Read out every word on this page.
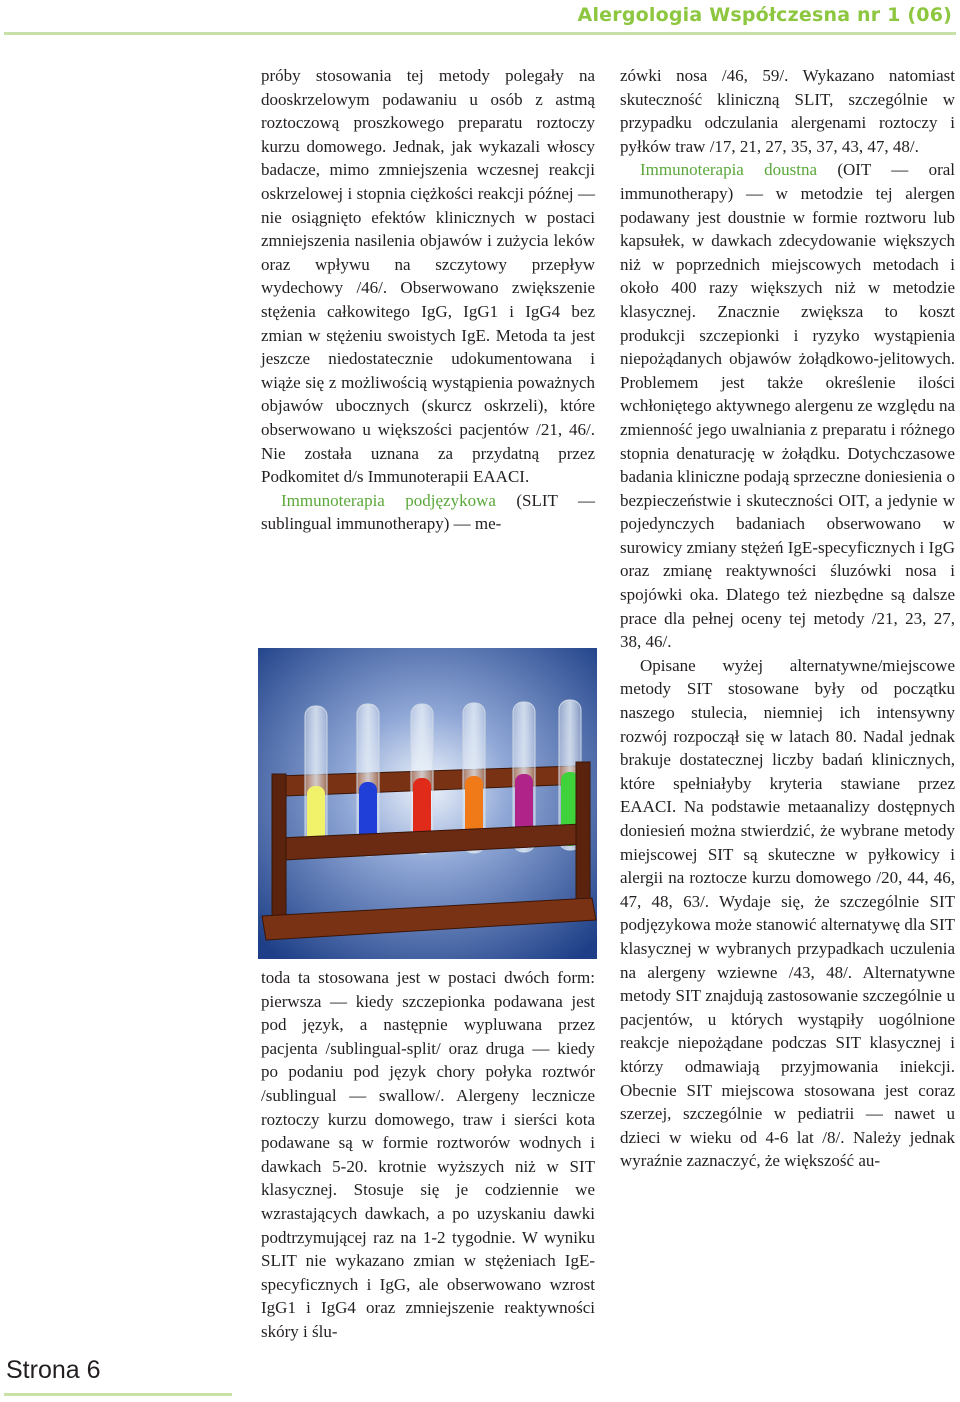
Alergologia Współczesna nr 1 (06)

próby stosowania tej metody polegały na dooskrzelowym podawaniu u osób z astmą roztoczową proszkowego preparatu roztoczy kurzu domowego. Jednak, jak wykazali włoscy badacze, mimo zmniejszenia wczesnej reakcji oskrzelowej i stopnia ciężkości reakcji późnej — nie osiągnięto efektów klinicznych w postaci zmniejszenia nasilenia objawów i zużycia leków oraz wpływu na szczytowy przepływ wydechowy /46/. Obserwowano zwiększenie stężenia całkowitego IgG, IgG1 i IgG4 bez zmian w stężeniu swoistych IgE. Metoda ta jest jeszcze niedostatecznie udokumentowana i wiąże się z możliwością wystąpienia poważnych objawów ubocznych (skurcz oskrzeli), które obserwowano u większości pacjentów /21, 46/. Nie została uznana za przydatną przez Podkomitet d/s Immunoterapii EAACI.

Immunoterapia podjęzykowa (SLIT — sublingual immunotherapy) — me-

toda ta stosowana jest w postaci dwóch form: pierwsza — kiedy szczepionka podawana jest pod język, a następnie wypluwana przez pacjenta /sublingual-split/ oraz druga — kiedy po podaniu pod język chory połyka roztwór /sublingual — swallow/. Alergeny lecznicze roztoczy kurzu domowego, traw i sierści kota podawane są w formie roztworów wodnych i dawkach 5-20. krotnie wyższych niż w SIT klasycznej. Stosuje się je codziennie we wzrastających dawkach, a po uzyskaniu dawki podtrzymującej raz na 1-2 tygodnie. W wyniku SLIT nie wykazano zmian w stężeniach IgE-specyficznych i IgG, ale obserwowano wzrost IgG1 i IgG4 oraz zmniejszenie reaktywności skóry i ślu-

zówki nosa /46, 59/. Wykazano natomiast skuteczność kliniczną SLIT, szczególnie w przypadku odczulania alergenami roztoczy i pyłków traw /17, 21, 27, 35, 37, 43, 47, 48/.

Immunoterapia doustna (OIT — oral immunotherapy) — w metodzie tej alergen podawany jest doustnie w formie roztworu lub kapsułek, w dawkach zdecydowanie większych niż w poprzednich miejscowych metodach i około 400 razy większych niż w metodzie klasycznej. Znacznie zwiększa to koszt produkcji szczepionki i ryzyko wystąpienia niepożądanych objawów żołądkowo-jelitowych. Problemem jest także określenie ilości wchłoniętego aktywnego alergenu ze względu na zmienność jego uwalniania z preparatu i różnego stopnia denaturację w żołądku. Dotychczasowe badania kliniczne podają sprzeczne doniesienia o bezpieczeństwie i skuteczności OIT, a jedynie w pojedynczych badaniach obserwowano w surowicy zmiany stężeń IgE-specyficznych i IgG oraz zmianę reaktywności śluzówki nosa i spojówki oka. Dlatego też niezbędne są dalsze prace dla pełnej oceny tej metody /21, 23, 27, 38, 46/.

Opisane wyżej alternatywne/miejscowe metody SIT stosowane były od początku naszego stulecia, niemniej ich intensywny rozwój rozpoczął się w latach 80. Nadal jednak brakuje dostatecznej liczby badań klinicznych, które spełniałyby kryteria stawiane przez EAACI. Na podstawie metaanalizy dostępnych doniesień można stwierdzić, że wybrane metody miejscowej SIT są skuteczne w pyłkowicy i alergii na roztocze kurzu domowego /20, 44, 46, 47, 48, 63/. Wydaje się, że szczególnie SIT podjęzykowa może stanowić alternatywę dla SIT klasycznej w wybranych przypadkach uczulenia na alergeny wziewne /43, 48/. Alternatywne metody SIT znajdują zastosowanie szczególnie u pacjentów, u których wystąpiły uogólnione reakcje niepożądane podczas SIT klasycznej i którzy odmawiają przyjmowania iniekcji. Obecnie SIT miejscowa stosowana jest coraz szerzej, szczególnie w pediatrii — nawet u dzieci w wieku od 4-6 lat /8/. Należy jednak wyraźnie zaznaczyć, że większość au-

Strona 6
